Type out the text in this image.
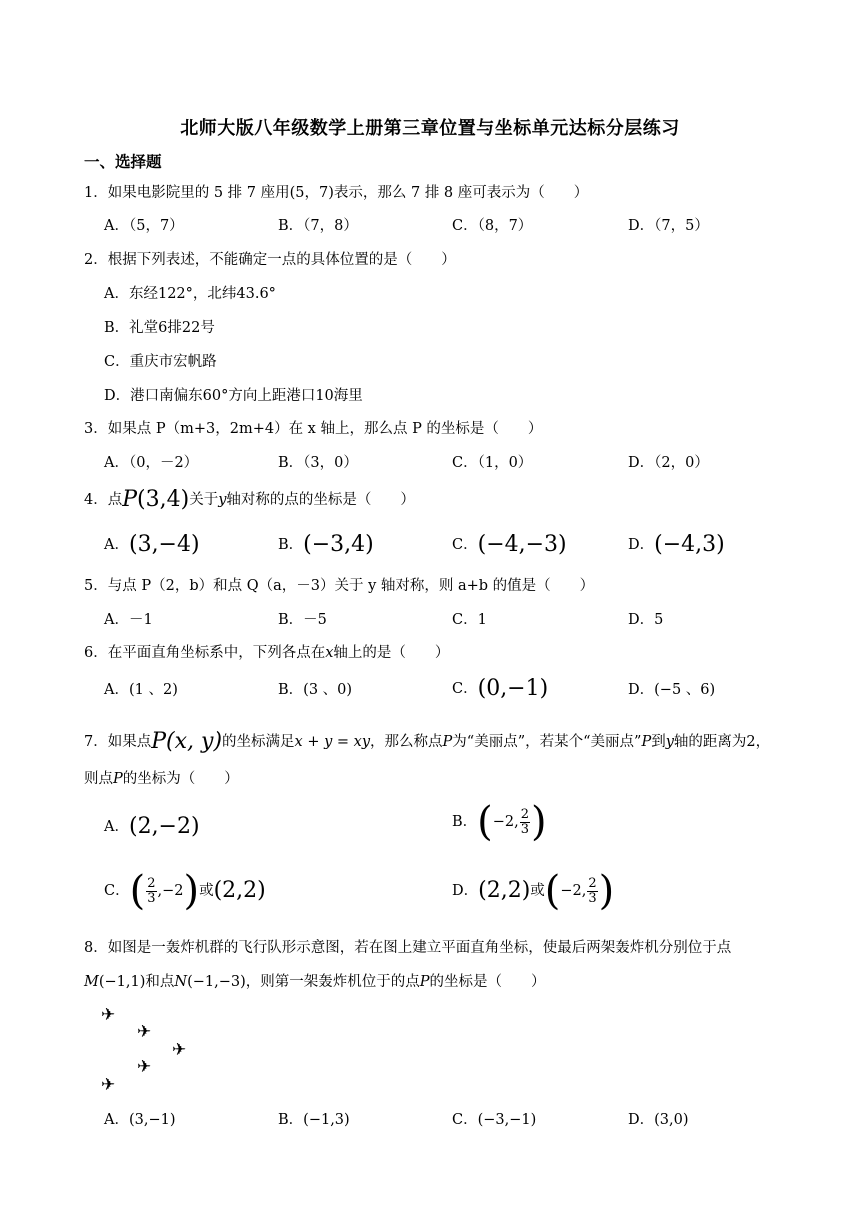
北师大版八年级数学上册第三章位置与坐标单元达标分层练习
一、选择题
1．如果电影院里的 5 排 7 座用(5，7)表示，那么 7 排 8 座可表示为（　　）
A．（5，7）	B．（7，8）	C．（8，7）	D．（7，5）
2．根据下列表述，不能确定一点的具体位置的是（　　）
A．东经122°，北纬43.6°
B．礼堂6排22号
C．重庆市宏帆路
D．港口南偏东60°方向上距港口10海里
3．如果点 P（m+3，2m+4）在 x 轴上，那么点 P 的坐标是（　　）
A．（0，－2）	B．（3，0）	C．（1，0）	D．（2，0）
4．点P(3,4)关于y轴对称的点的坐标是（　　）
A．(3,−4)	B．(−3,4)	C．(−4,−3)	D．(−4,3)
5．与点 P（2，b）和点 Q（a，－3）关于 y 轴对称，则 a+b 的值是（　　）
A．－1	B．－5	C．1	D．5
6．在平面直角坐标系中，下列各点在x轴上的是（　　）
A．(1 、2)	B．(3 、0)	C．(0,−1)	D．(−5 、6)
7．如果点P(x, y)的坐标满足x + y = xy，那么称点P为“美丽点”，若某个“美丽点”P到y轴的距离为2，
则点P的坐标为（　　）
A．(2,−2)	B．(−2, $\frac{2}{3}$ )
C．( $\frac{2}{3} ,-2$)或(2,2)	D．(2,2)或(−2, $\frac{2}{3}$ )
8．如图是一轰炸机群的飞行队形示意图，若在图上建立平面直角坐标，使最后两架轰炸机分别位于点
M(−1,1)和点N(−1,−3)，则第一架轰炸机位于的点P的坐标是（　　）
✈
✈
✈
✈
✈
A．(3,−1)	B．(−1,3)	C．(−3,−1)	D．(3,0)
